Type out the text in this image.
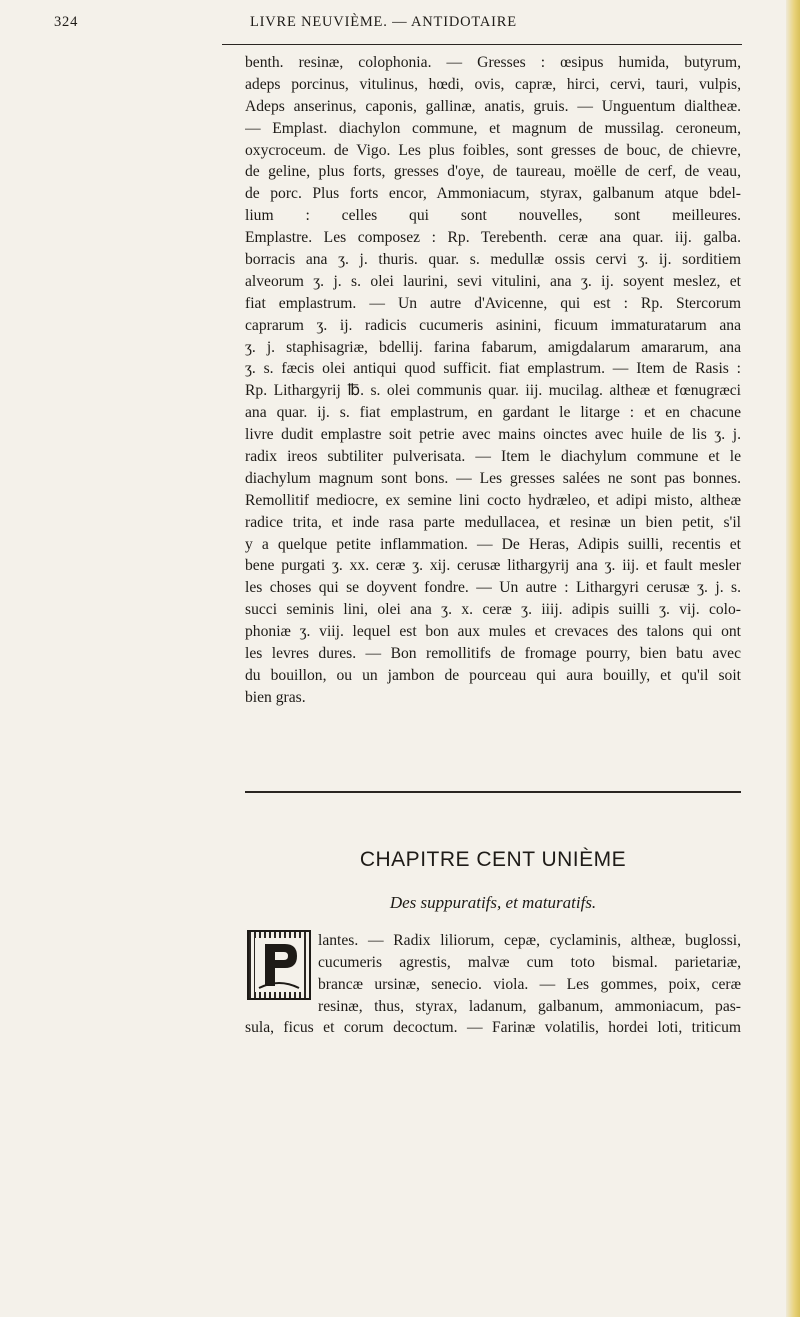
324	LIVRE NEUVIÈME. — ANTIDOTAIRE
benth. resinæ, colophonia. — Gresses : œsipus humida, butyrum,
adeps porcinus, vitulinus, hœdi, ovis, capræ, hirci, cervi, tauri, vulpis,
Adeps anserinus, caponis, gallinæ, anatis, gruis. — Unguentum dialtheæ.
— Emplast. diachylon commune, et magnum de mussilag. ceroneum,
oxycroceum. de Vigo. Les plus foibles, sont gresses de bouc, de chievre,
de geline, plus forts, gresses d'oye, de taureau, moëlle de cerf, de veau,
de porc. Plus forts encor, Ammoniacum, styrax, galbanum atque bdel-
lium : celles qui sont nouvelles, sont meilleures.
Emplastre. Les composez : Rp. Terebenth. ceræ ana quar. iij. galba.
borracis ana ʒ. j. thuris. quar. s. medullæ ossis cervi ʒ. ij. sorditiem
alveorum ʒ. j. s. olei laurini, sevi vitulini, ana ʒ. ij. soyent meslez, et
fiat emplastrum. — Un autre d'Avicenne, qui est : Rp. Stercorum
caprarum ʒ. ij. radicis cucumeris asinini, ficuum immaturatarum ana
ʒ. j. staphisagriæ, bdellij. farina fabarum, amigdalarum amararum, ana
ʒ. s. fæcis olei antiqui quod sufficit. fiat emplastrum. — Item de Rasis :
Rp. Lithargyrij ℔. s. olei communis quar. iij. mucilag. altheæ et fœnugræci
ana quar. ij. s. fiat emplastrum, en gardant le litarge : et en chacune
livre dudit emplastre soit petrie avec mains oinctes avec huile de lis ʒ. j.
radix ireos subtiliter pulverisata. — Item le diachylum commune et le
diachylum magnum sont bons. — Les gresses salées ne sont pas bonnes.
Remollitif mediocre, ex semine lini cocto hydræleo, et adipi misto, altheæ
radice trita, et inde rasa parte medullacea, et resinæ un bien petit, s'il
y a quelque petite inflammation. — De Heras, Adipis suilli, recentis et
bene purgati ʒ. xx. ceræ ʒ. xij. cerusæ lithargyrij ana ʒ. iij. et fault mesler
les choses qui se doyvent fondre. — Un autre : Lithargyri cerusæ ʒ. j. s.
succi seminis lini, olei ana ʒ. x. ceræ ʒ. iiij. adipis suilli ʒ. vij. colo-
phoniæ ʒ. viij. lequel est bon aux mules et crevaces des talons qui ont
les levres dures. — Bon remollitifs de fromage pourry, bien batu avec
du bouillon, ou un jambon de pourceau qui aura bouilly, et qu'il soit
bien gras.
CHAPITRE CENT UNIÈME
Des suppuratifs, et maturatifs.
lantes. — Radix liliorum, cepæ, cyclaminis, altheæ, buglossi,
cucumeris agrestis, malvæ cum toto bismal. parietariæ,
brancæ ursinæ, senecio. viola. — Les gommes, poix, ceræ
resinæ, thus, styrax, ladanum, galbanum, ammoniacum, pas-
sula, ficus et corum decoctum. — Farinæ volatilis, hordei loti, triticum
